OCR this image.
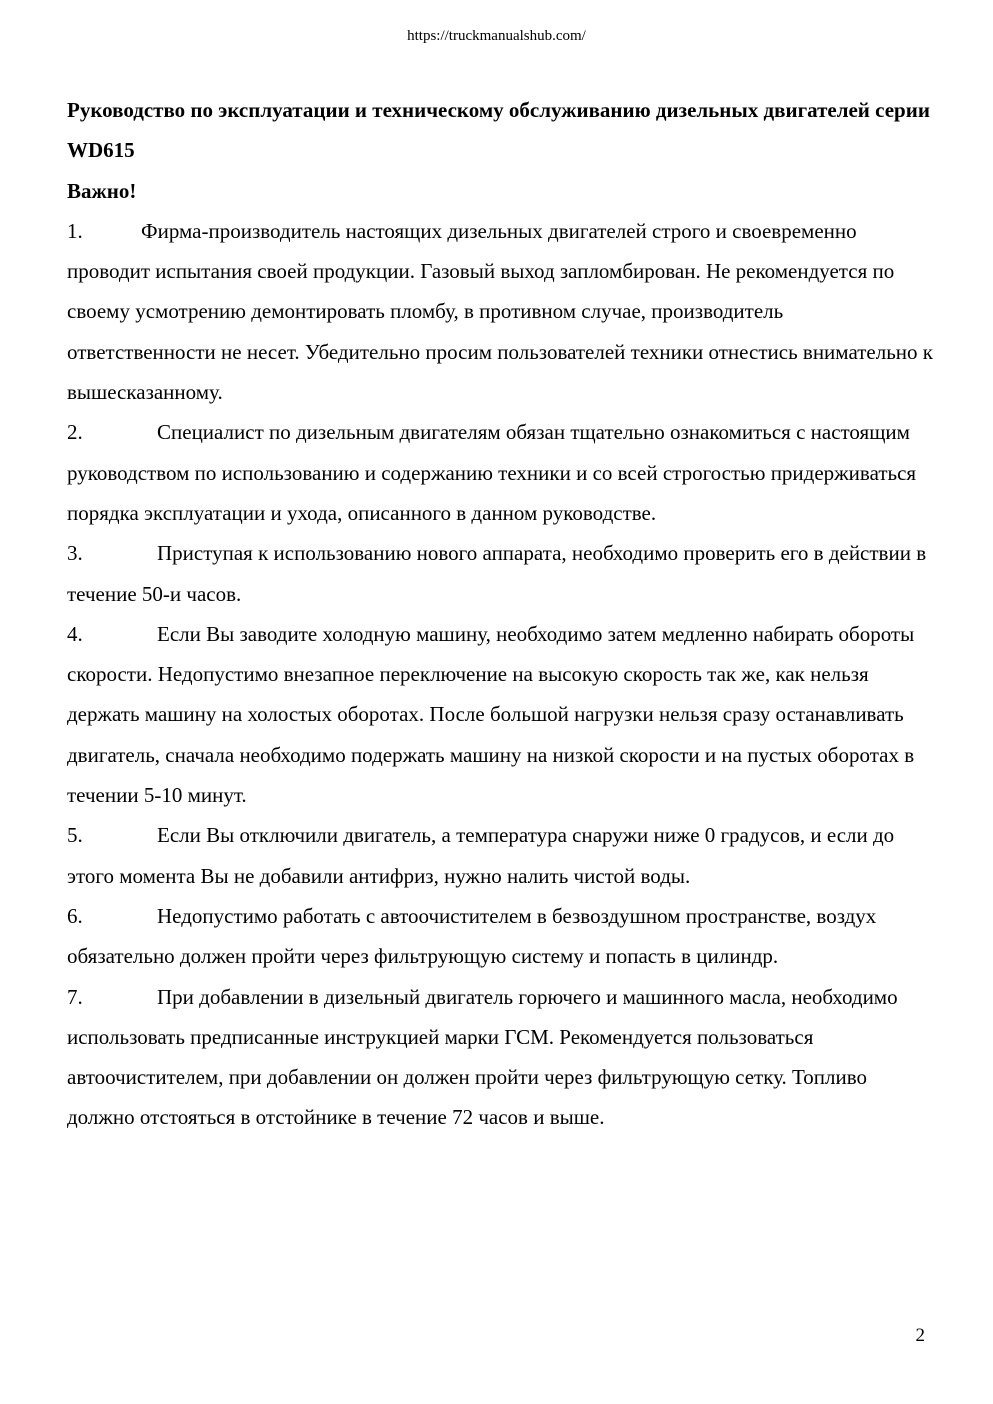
https://truckmanualshub.com/

Руководство по эксплуатации и техническому обслуживанию дизельных двигателей серии WD615

Важно!

1.	Фирма-производитель настоящих дизельных двигателей строго и своевременно проводит испытания своей продукции. Газовый выход запломбирован. Не рекомендуется по своему усмотрению демонтировать пломбу, в противном случае, производитель ответственности не несет. Убедительно просим пользователей техники отнестись внимательно к вышесказанному.

2.	Специалист по дизельным двигателям обязан тщательно ознакомиться с настоящим руководством по использованию и содержанию техники и со всей строгостью придерживаться порядка эксплуатации и ухода, описанного в данном руководстве.

3.	Приступая к использованию нового аппарата, необходимо проверить его в действии в течение 50-и часов.

4.	Если Вы заводите холодную машину, необходимо затем медленно набирать обороты скорости. Недопустимо внезапное переключение на высокую скорость так же, как нельзя держать машину на холостых оборотах. После большой нагрузки нельзя сразу останавливать двигатель, сначала необходимо подержать машину на низкой скорости и на пустых оборотах в течении 5-10 минут.

5.	Если Вы отключили двигатель, а температура снаружи ниже 0 градусов, и если до этого момента Вы не добавили антифриз, нужно налить чистой воды.

6.	Недопустимо работать с автоочистителем в безвоздушном пространстве, воздух обязательно должен пройти через фильтрующую систему и попасть в цилиндр.

7.	При добавлении в дизельный двигатель горючего и машинного масла, необходимо использовать предписанные инструкцией марки ГСМ. Рекомендуется пользоваться автоочистителем, при добавлении он должен пройти через фильтрующую сетку. Топливо должно отстояться в отстойнике в течение 72 часов и выше.

2
